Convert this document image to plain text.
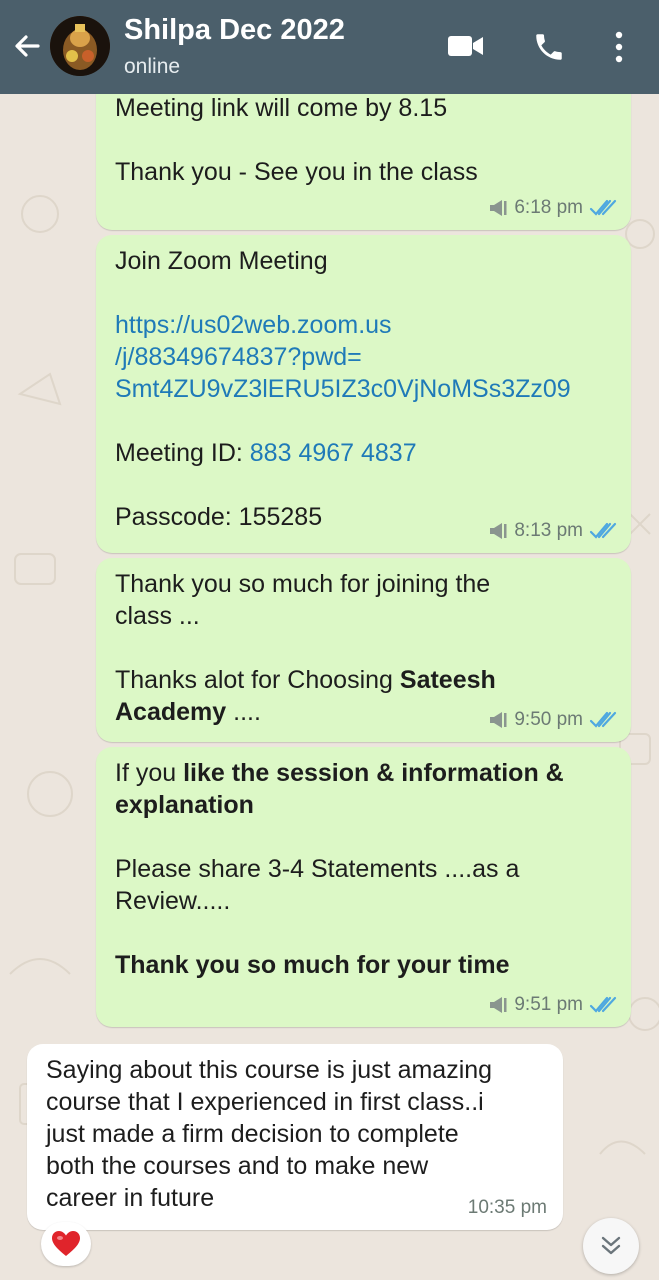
Shilpa Dec 2022
online
Meeting link will come by 8.15
Thank you - See you in the class
6:18 pm
Join Zoom Meeting
https://us02web.zoom.us
/j/88349674837?pwd=
Smt4ZU9vZ3lERU5IZ3c0VjNoMSs3Zz09
Meeting ID: 883 4967 4837
Passcode: 155285	8:13 pm
Thank you so much for joining the
class ...
Thanks alot for Choosing Sateesh
Academy ....	9:50 pm
If you like the session & information &
explanation
Please share 3-4 Statements ....as a
Review.....
Thank you so much for your time
9:51 pm
Saying about this course is just amazing
course that I experienced in first class..i
just made a firm decision to complete
both the courses and to make new
career in future	10:35 pm
